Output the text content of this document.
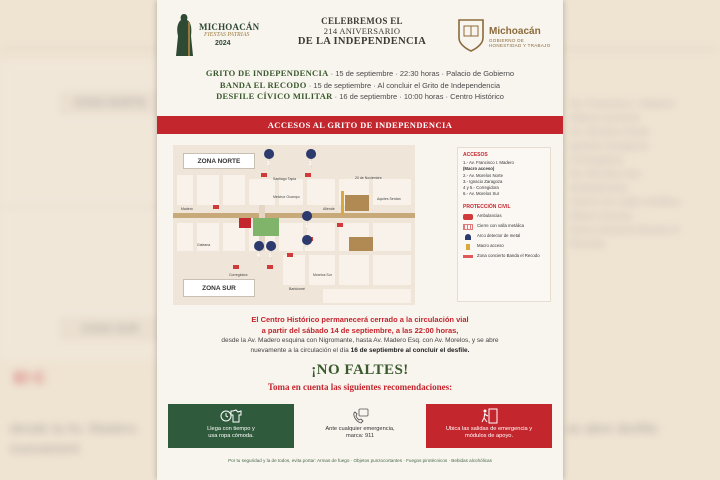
ZONA NORTE
ZONA SUR
El C
desde la Av. Madero nuevament
se abre desfile.
Av. Francisco I. Madero
(Macro acceso)
Av. Morelos Norte
Ignacio Zaragoza
Corregidora
Av. Morelos Sur
Ambulancias
Cierre con valla metálica
Macro acceso
Zona concierto Banda el Recodo
MICHOACÁN
FIESTAS PATRIAS
2024
CELEBREMOS EL
214 ANIVERSARIO
DE LA INDEPENDENCIA
Michoacán
GOBIERNO DE HONESTIDAD Y TRABAJO
GRITO DE INDEPENDENCIA · 15 de septiembre · 22:30 horas · Palacio de Gobierno
BANDA EL RECODO · 15 de septiembre · Al concluir el Grito de Independencia
DESFILE CÍVICO MILITAR · 16 de septiembre · 10:00 horas · Centro Histórico
ACCESOS AL GRITO DE INDEPENDENCIA
ZONA NORTE
ZONA SUR
Santiago Tapia
Melchor Ocampo
20 de Noviembre
Aquiles Serdán
Galeana
Corregidora
Bartolomé
Allende
Morelos Sur
Madero
3	2
1
4 5
6
ACCESOS
1.- Av. Francisco I. Madero
(Macro acceso)
2.- Av. Morelos Norte
3.- Ignacio Zaragoza
4 y 5.- Corregidora
6.- Av. Morelos Sur
PROTECCIÓN CIVIL
Ambulancias
Cierre con valla metálica
Arco detector de metal
Macro acceso
Zona concierto Banda el Recodo
El Centro Histórico permanecerá cerrado a la circulación vial
a partir del sábado 14 de septiembre, a las 22:00 horas,
desde la Av. Madero esquina con Nigromante, hasta Av. Madero Esq. con Av. Morelos, y se abre
nuevamente a la circulación el día 16 de septiembre al concluir el desfile.
¡NO FALTES!
Toma en cuenta las siguientes recomendaciones:
Llega con tiempo y
usa ropa cómoda.
Ante cualquier emergencia,
marca: 911
Ubica las salidas de emergencia y
módulos de apoyo.
Por tu seguridad y la de todos, evita portar: Armas de fuego · Objetos punzocortantes · Fuegos pirotécnicos · Bebidas alcohólicas
